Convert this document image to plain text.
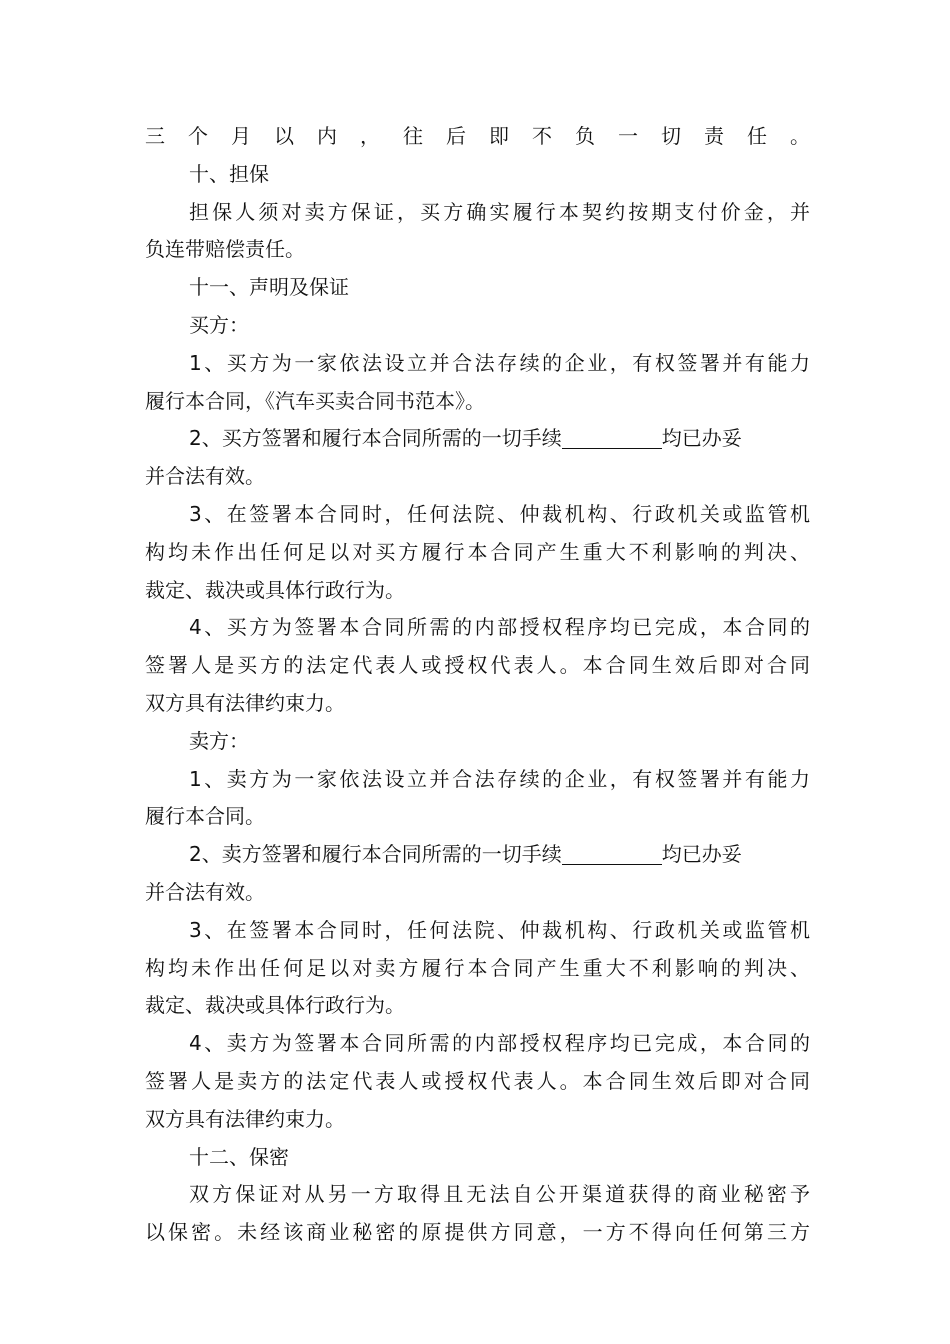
三个月以内，往后即不负一切责任。
十、担保
担保人须对卖方保证，买方确实履行本契约按期支付价金，并
负连带赔偿责任。
十一、声明及保证
买方：
1、买方为一家依法设立并合法存续的企业，有权签署并有能力
履行本合同，《汽车买卖合同书范本》。
2、买方签署和履行本合同所需的一切手续	均已办妥
并合法有效。
3、在签署本合同时，任何法院、仲裁机构、行政机关或监管机
构均未作出任何足以对买方履行本合同产生重大不利影响的判决、
裁定、裁决或具体行政行为。
4、买方为签署本合同所需的内部授权程序均已完成，本合同的
签署人是买方的法定代表人或授权代表人。本合同生效后即对合同
双方具有法律约束力。
卖方：
1、卖方为一家依法设立并合法存续的企业，有权签署并有能力
履行本合同。
2、卖方签署和履行本合同所需的一切手续	均已办妥
并合法有效。
3、在签署本合同时，任何法院、仲裁机构、行政机关或监管机
构均未作出任何足以对卖方履行本合同产生重大不利影响的判决、
裁定、裁决或具体行政行为。
4、卖方为签署本合同所需的内部授权程序均已完成，本合同的
签署人是卖方的法定代表人或授权代表人。本合同生效后即对合同
双方具有法律约束力。
十二、保密
双方保证对从另一方取得且无法自公开渠道获得的商业秘密予
以保密。未经该商业秘密的原提供方同意，一方不得向任何第三方
